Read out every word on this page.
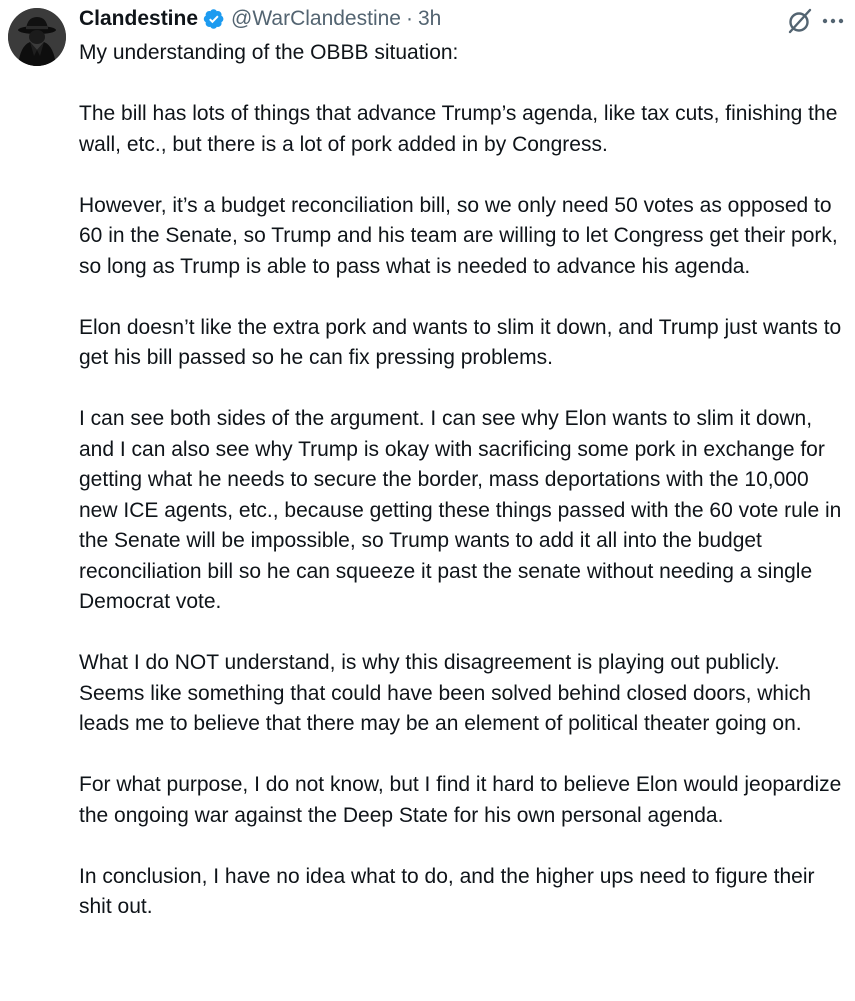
Clandestine @WarClandestine · 3h

My understanding of the OBBB situation:

The bill has lots of things that advance Trump’s agenda, like tax cuts, finishing the wall, etc., but there is a lot of pork added in by Congress.

However, it’s a budget reconciliation bill, so we only need 50 votes as opposed to 60 in the Senate, so Trump and his team are willing to let Congress get their pork, so long as Trump is able to pass what is needed to advance his agenda.

Elon doesn’t like the extra pork and wants to slim it down, and Trump just wants to get his bill passed so he can fix pressing problems.

I can see both sides of the argument. I can see why Elon wants to slim it down, and I can also see why Trump is okay with sacrificing some pork in exchange for getting what he needs to secure the border, mass deportations with the 10,000 new ICE agents, etc., because getting these things passed with the 60 vote rule in the Senate will be impossible, so Trump wants to add it all into the budget reconciliation bill so he can squeeze it past the senate without needing a single Democrat vote.

What I do NOT understand, is why this disagreement is playing out publicly. Seems like something that could have been solved behind closed doors, which leads me to believe that there may be an element of political theater going on.

For what purpose, I do not know, but I find it hard to believe Elon would jeopardize the ongoing war against the Deep State for his own personal agenda.

In conclusion, I have no idea what to do, and the higher ups need to figure their shit out.
